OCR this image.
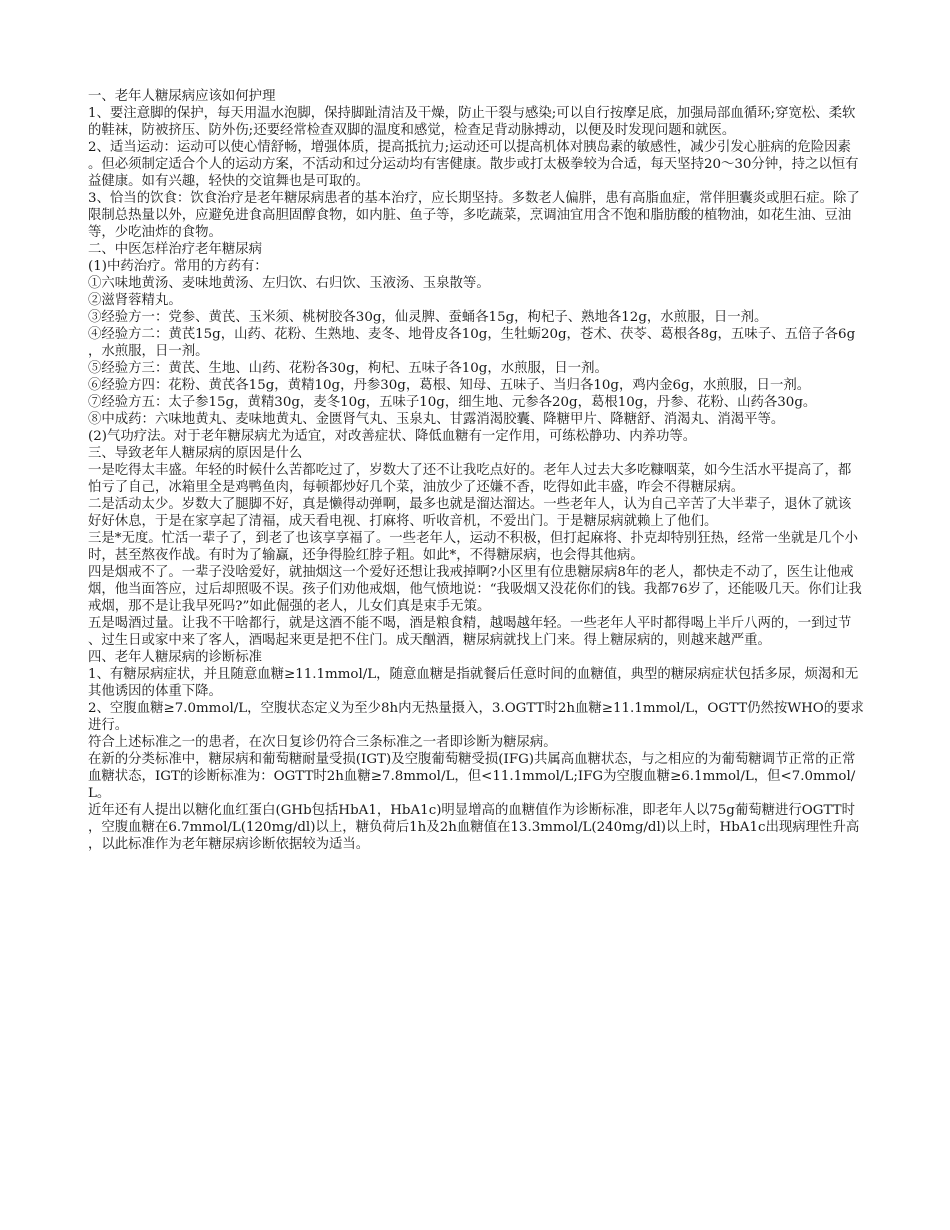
一、老年人糖尿病应该如何护理

1、要注意脚的保护，每天用温水泡脚，保持脚趾清洁及干燥，防止干裂与感染;可以自行按摩足底，加强局部血循环;穿宽松、柔软的鞋袜，防被挤压、防外伤;还要经常检查双脚的温度和感觉，检查足背动脉搏动，以便及时发现问题和就医。

2、适当运动：运动可以使心情舒畅，增强体质，提高抵抗力;运动还可以提高机体对胰岛素的敏感性，减少引发心脏病的危险因素。但必须制定适合个人的运动方案，不活动和过分运动均有害健康。散步或打太极拳较为合适，每天坚持20～30分钟，持之以恒有益健康。如有兴趣，轻快的交谊舞也是可取的。

3、恰当的饮食：饮食治疗是老年糖尿病患者的基本治疗，应长期坚持。多数老人偏胖，患有高脂血症，常伴胆囊炎或胆石症。除了限制总热量以外，应避免进食高胆固醇食物，如内脏、鱼子等，多吃蔬菜，烹调油宜用含不饱和脂肪酸的植物油，如花生油、豆油等，少吃油炸的食物。

二、中医怎样治疗老年糖尿病

(1)中药治疗。常用的方药有：

①六味地黄汤、麦味地黄汤、左归饮、右归饮、玉液汤、玉泉散等。

②滋肾蓉精丸。

③经验方一：党参、黄芪、玉米须、桃树胶各30g，仙灵脾、蚕蛹各15g，枸杞子、熟地各12g，水煎服，日一剂。

④经验方二：黄芪15g，山药、花粉、生熟地、麦冬、地骨皮各10g，生牡蛎20g，苍术、茯苓、葛根各8g，五味子、五倍子各6g，水煎服，日一剂。

⑤经验方三：黄芪、生地、山药、花粉各30g，枸杞、五味子各10g，水煎服，日一剂。

⑥经验方四：花粉、黄芪各15g，黄精10g，丹参30g，葛根、知母、五味子、当归各10g，鸡内金6g，水煎服，日一剂。

⑦经验方五：太子参15g，黄精30g，麦冬10g，五味子10g，细生地、元参各20g，葛根10g，丹参、花粉、山药各30g。

⑧中成药：六味地黄丸、麦味地黄丸、金匮肾气丸、玉泉丸、甘露消渴胶囊、降糖甲片、降糖舒、消渴丸、消渴平等。

(2)气功疗法。对于老年糖尿病尤为适宜，对改善症状、降低血糖有一定作用，可练松静功、内养功等。

三、导致老年人糖尿病的原因是什么

一是吃得太丰盛。年轻的时候什么苦都吃过了，岁数大了还不让我吃点好的。老年人过去大多吃糠咽菜，如今生活水平提高了，都怕亏了自己，冰箱里全是鸡鸭鱼肉，每顿都炒好几个菜，油放少了还嫌不香，吃得如此丰盛，咋会不得糖尿病。

二是活动太少。岁数大了腿脚不好，真是懒得动弹啊，最多也就是溜达溜达。一些老年人，认为自己辛苦了大半辈子，退休了就该好好休息，于是在家享起了清福，成天看电视、打麻将、听收音机，不爱出门。于是糖尿病就赖上了他们。

三是*无度。忙活一辈子了，到老了也该享享福了。一些老年人，运动不积极，但打起麻将、扑克却特别狂热，经常一坐就是几个小时，甚至熬夜作战。有时为了输赢，还争得脸红脖子粗。如此*，不得糖尿病，也会得其他病。

四是烟戒不了。一辈子没啥爱好，就抽烟这一个爱好还想让我戒掉啊?小区里有位患糖尿病8年的老人，都快走不动了，医生让他戒烟，他当面答应，过后却照吸不误。孩子们劝他戒烟，他气愤地说：“我吸烟又没花你们的钱。我都76岁了，还能吸几天。你们让我戒烟，那不是让我早死吗?”如此倔强的老人，儿女们真是束手无策。

五是喝酒过量。让我不干啥都行，就是这酒不能不喝，酒是粮食精，越喝越年轻。一些老年人平时都得喝上半斤八两的，一到过节、过生日或家中来了客人，酒喝起来更是把不住门。成天酗酒，糖尿病就找上门来。得上糖尿病的，则越来越严重。

四、老年人糖尿病的诊断标准

1、有糖尿病症状，并且随意血糖≥11.1mmol/L，随意血糖是指就餐后任意时间的血糖值，典型的糖尿病症状包括多尿，烦渴和无其他诱因的体重下降。

2、空腹血糖≥7.0mmol/L，空腹状态定义为至少8h内无热量摄入，3.OGTT时2h血糖≥11.1mmol/L，OGTT仍然按WHO的要求进行。

符合上述标准之一的患者，在次日复诊仍符合三条标准之一者即诊断为糖尿病。

在新的分类标准中，糖尿病和葡萄糖耐量受损(IGT)及空腹葡萄糖受损(IFG)共属高血糖状态，与之相应的为葡萄糖调节正常的正常血糖状态，IGT的诊断标准为：OGTT时2h血糖≥7.8mmol/L，但<11.1mmol/L;IFG为空腹血糖≥6.1mmol/L，但<7.0mmol/L。

近年还有人提出以糖化血红蛋白(GHb包括HbA1，HbA1c)明显增高的血糖值作为诊断标准，即老年人以75g葡萄糖进行OGTT时，空腹血糖在6.7mmol/L(120mg/dl)以上，糖负荷后1h及2h血糖值在13.3mmol/L(240mg/dl)以上时，HbA1c出现病理性升高，以此标准作为老年糖尿病诊断依据较为适当。
